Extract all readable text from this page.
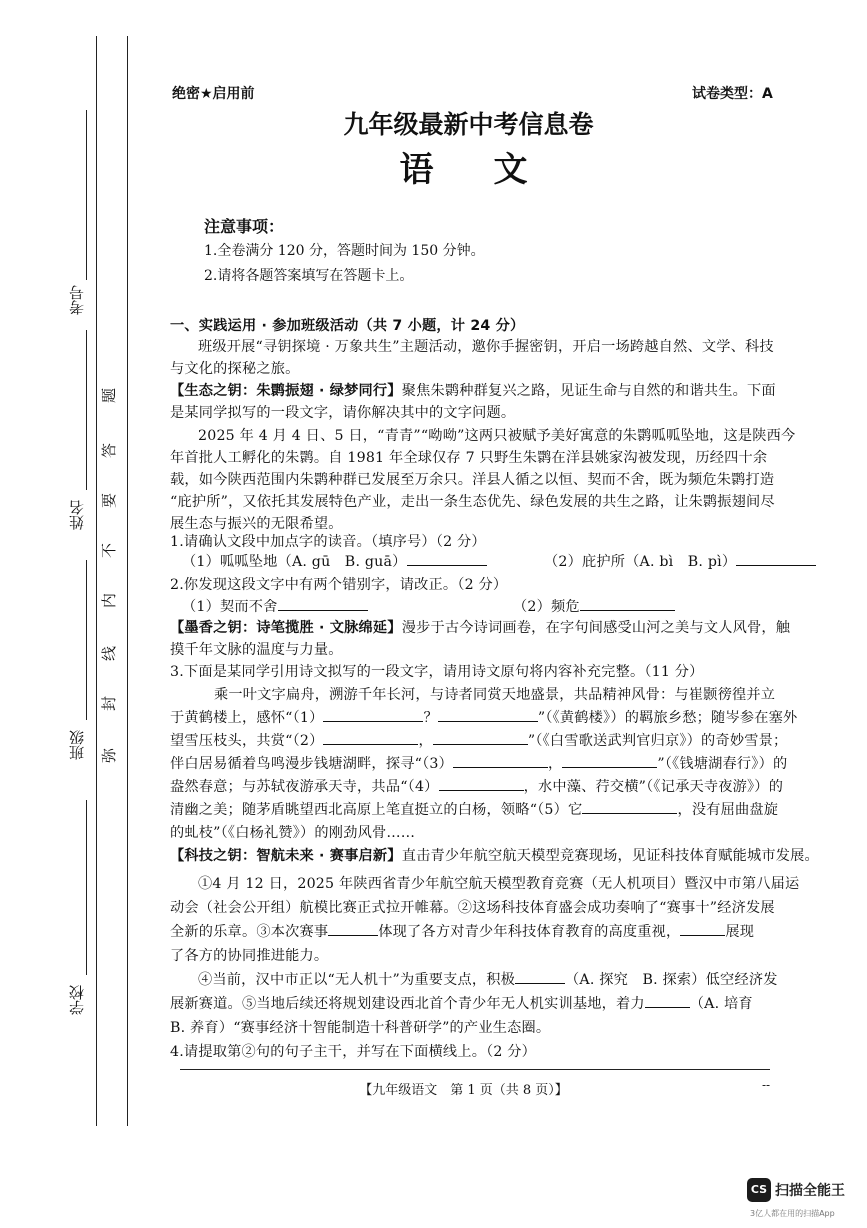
考号
姓名
班级
学校
题
答
要
不
内
线
封
弥
绝密★启用前	试卷类型：A
九年级最新中考信息卷
语文
注意事项：
1.全卷满分 120 分，答题时间为 150 分钟。
2.请将各题答案填写在答题卡上。
一、实践运用 · 参加班级活动（共 7 小题，计 24 分）
班级开展“寻钥探境 · 万象共生”主题活动，邀你手握密钥，开启一场跨越自然、文学、科技
与文化的探秘之旅。
【生态之钥：朱鹮振翅 · 绿梦同行】聚焦朱鹮种群复兴之路，见证生命与自然的和谐共生。下面
是某同学拟写的一段文字，请你解决其中的文字问题。
2025 年 4 月 4 日、5 日，“青青”“呦呦”这两只被赋予美好寓意的朱鹮呱呱坠地，这是陕西今
年首批人工孵化的朱鹮。自 1981 年全球仅存 7 只野生朱鹮在洋县姚家沟被发现，历经四十余
载，如今陕西范围内朱鹮种群已发展至万余只。洋县人循之以恒、契而不舍，既为频危朱鹮打造
“庇护所”，又依托其发展特色产业，走出一条生态优先、绿色发展的共生之路，让朱鹮振翅间尽
展生态与振兴的无限希望。
1.请确认文段中加点字的读音。（填序号）（2 分）
（1）呱呱坠地（A. gū　B. guā）	（2）庇护所（A. bì　B. pì）
2.你发现这段文字中有两个错别字，请改正。（2 分）
（1）契而不舍	（2）频危
【墨香之钥：诗笔揽胜 · 文脉绵延】漫步于古今诗词画卷，在字句间感受山河之美与文人风骨，触
摸千年文脉的温度与力量。
3.下面是某同学引用诗文拟写的一段文字，请用诗文原句将内容补充完整。（11 分）
乘一叶文字扁舟，溯游千年长河，与诗者同赏天地盛景，共品精神风骨：与崔颢徬徨并立
于黄鹤楼上，感怀“（1）	？	”（《黄鹤楼》）的羁旅乡愁；随岑参在塞外
望雪压枝头，共赏“（2）	，	”（《白雪歌送武判官归京》）的奇妙雪景；
伴白居易循着鸟鸣漫步钱塘湖畔，探寻“（3）	，	”（《钱塘湖春行》）的
盎然春意；与苏轼夜游承天寺，共品“（4）	，水中藻、荇交横”（《记承天寺夜游》）的
清幽之美；随茅盾眺望西北高原上笔直挺立的白杨，领略“（5）它	，没有屈曲盘旋
的虬枝”（《白杨礼赞》）的刚劲风骨……
【科技之钥：智航未来 · 赛事启新】直击青少年航空航天模型竞赛现场，见证科技体育赋能城市发展。
①4 月 12 日，2025 年陕西省青少年航空航天模型教育竞赛（无人机项目）暨汉中市第八届运
动会（社会公开组）航模比赛正式拉开帷幕。②这场科技体育盛会成功奏响了“赛事十”经济发展
全新的乐章。③本次赛事	体现了各方对青少年科技体育教育的高度重视，	展现
了各方的协同推进能力。
④当前，汉中市正以“无人机十”为重要支点，积极	（A. 探究　B. 探索）低空经济发
展新赛道。⑤当地后续还将规划建设西北首个青少年无人机实训基地，着力	（A. 培育
B. 养育）“赛事经济十智能制造十科普研学”的产业生态圈。
4.请提取第②句的句子主干，并写在下面横线上。（2 分）
【九年级语文　第 1 页（共 8 页）】	--
CS 扫描全能王
3亿人都在用的扫描App
